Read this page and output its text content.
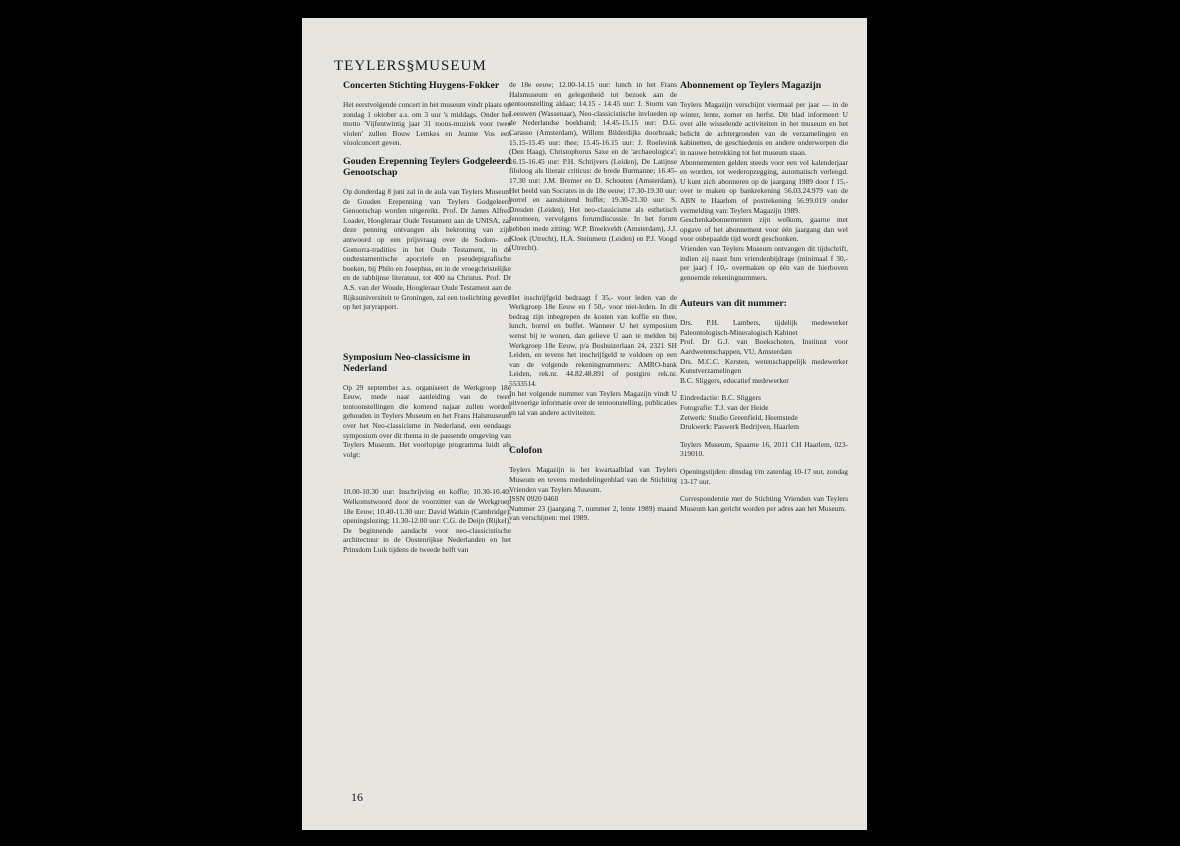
TEYLERS§MUSEUM
Concerten Stichting Huygens-Fokker

Het eerstvolgende concert in het museum vindt plaats op zondag 1 oktober a.s. om 3 uur 's middags. Onder het motto 'Vijfentwintig jaar 31 toons-muziek voor twee violen' zullen Bouw Lemkes en Jeanne Vos een vioolconcert geven.

Gouden Erepenning Teylers Godgeleerd Genootschap

Op donderdag 8 juni zal in de aula van Teylers Museum de Gouden Erepenning van Teylers Godgeleerd Genootschap worden uitgereikt. Prof. Dr James Alfred Loader, Hoogleraar Oude Testament aan de UNISA, zal deze penning ontvangen als bekroning van zijn antwoord op een prijsvraag over de Sodom- en Gomorra-tradities in het Oude Testament, in de oudtestamentische apocriefe en pseudepigrafische boeken, bij Philo en Josephus, en in de vroegchristelijke en de rabbijnse literatuur, tot 400 na Christus. Prof. Dr A.S. van der Woude, Hoogleraar Oude Testament aan de Rijksuniversiteit te Groningen, zal een toelichting geven op het juryrapport.

Symposium Neo-classicisme in Nederland

Op 29 september a.s. organiseert de Werkgroep 18e Eeuw, mede naar aanleiding van de twee tentoonstellingen die komend najaar zullen worden gehouden in Teylers Museum en het Frans Halsmuseum over het Neo-classicisme in Nederland, een eendaags symposium over dit thema in de passende omgeving van Teylers Museum. Het voorlopige programma luidt als volgt:

10.00-10.30 uur: Inschrijving en koffie; 10.30-10.40: Welkomstwoord door de voorzitter van de Werkgroep 18e Eeuw; 10.40-11.30 uur: David Watkin (Cambridge), openingslezing; 11.30-12.00 uur: C.G. de Deijn (Rijkel), De beginnende aandacht voor neo-classicistische architectuur in de Oostenrijkse Nederlanden en het Prinsdom Luik tijdens de tweede helft van

de 18e eeuw; 12.00-14.15 uur: lunch in het Frans Halsmuseum en gelegenheid tot bezoek aan de tentoonstelling aldaar; 14.15 - 14.45 uur: J. Storm van Leeuwen (Wassenaar), Neo-classicistische invloeden op de Nederlandse boekband; 14.45-15.15 uur: D.G. Carasso (Amsterdam), Willem Bilderdijks doorbraak; 15.15-15.45 uur: thee; 15.45-16.15 uur: J. Roelevink (Den Haag), Christophorus Saxe en de 'archaeologica'; 16.15-16.45 uur: P.H. Schrijvers (Leiden), De Latijnse filoloog als literair criticus: de brede Burmanne; 16.45-17.30 uur: J.M. Bremer en D. Schouten (Amsterdam), Het beeld van Socrates in de 18e eeuw; 17.30-19.30 uur: borrel en aansluitend buffet; 19.30-21.30 uur: S. Dresden (Leiden), Het neo-classicisme als esthetisch fenomeen, vervolgens forumdiscussie. In het forum hebben mede zitting: W.P. Breekveldt (Amsterdam), J.J. Kloek (Utrecht), H.A. Steinmetz (Leiden) en P.J. Voogd (Utrecht).

Het inschrijfgeld bedraagt f 35,- voor leden van de Werkgroep 18e Eeuw en f 50,- voor niet-leden. In dit bedrag zijn inbegrepen de kosten van koffie en thee, lunch, borrel en buffet. Wanneer U het symposium wenst bij te wonen, dan gelieve U aan te melden bij Werkgroep 18e Eeuw, p/a Boshuizerlaan 24, 2321 SH Leiden, en tevens het inschrijfgeld te voldoen op een van de volgende rekeningnummers: AMRO-bank Leiden, rek.nr. 44.82.48.891 of postgiro rek.nr. 5533514.

In het volgende nummer van Teylers Magazijn vindt U uitvoerige informatie over de tentoonstelling, publicaties en tal van andere activiteiten.

Colofon

Teylers Magazijn is het kwartaalblad van Teylers Museum en tevens mededelingenblad van de Stichting Vrienden van Teylers Museum.

ISSN 0920 0460

Nummer 23 (jaargang 7, nummer 2, lente 1989) maand van verschijnen: mei 1989.

Abonnement op Teylers Magazijn

Teylers Magazijn verschijnt viermaal per jaar — in de winter, lente, zomer en herfst. Dit blad informeert U over alle wisselende activiteiten in het museum en het belicht de achtergronden van de verzamelingen en kabinetten, de geschiedenis en andere onderwerpen die in nauwe betrekking tot het museum staan.

Abonnementen gelden steeds voor een vol kalenderjaar en worden, tot wederopzegging, automatisch verlengd. U kunt zich abonneren op de jaargang 1989 door f 15,- over te maken op bankrekening 56.03.24.979 van de ABN te Haarlem of postrekening 56.99.019 onder vermelding van: Teylers Magazijn 1989.

Geschenkabonnementen zijn welkom, gaarne met opgave of het abonnement voor één jaargang dan wel voor onbepaalde tijd wordt geschonken.

Vrienden van Teylers Museum ontvangen dit tijdschrift, indien zij naast hun vriendenbijdrage (minimaal f 30,- per jaar) f 10,- overmaken op één van de hierboven genoemde rekeningnummers.

Auteurs van dit nummer:

Drs. P.H. Lambers, tijdelijk medewerker Paleontologisch-Mineralogisch Kabinet

Prof. Dr G.J. van Boekschoten, Instituut voor Aardwetenschappen, VU, Amsterdam

Drs. M.C.C. Kersten, wetenschappelijk medewerker Kunstverzamelingen

B.C. Sliggers, educatief medewerker

Eindredactie: B.C. Sliggers

Fotografie: T.J. van der Heide

Zetwerk: Studio Greenfield, Heemstede

Drukwerk: Paswerk Bedrijven, Haarlem

Teylers Museum, Spaarne 16, 2011 CH Haarlem, 023-319010.

Openingstijden: dinsdag t/m zaterdag 10-17 uur, zondag 13-17 uur.

Correspondentie met de Stichting Vrienden van Teylers Museum kan gericht worden per adres aan het Museum.

16
